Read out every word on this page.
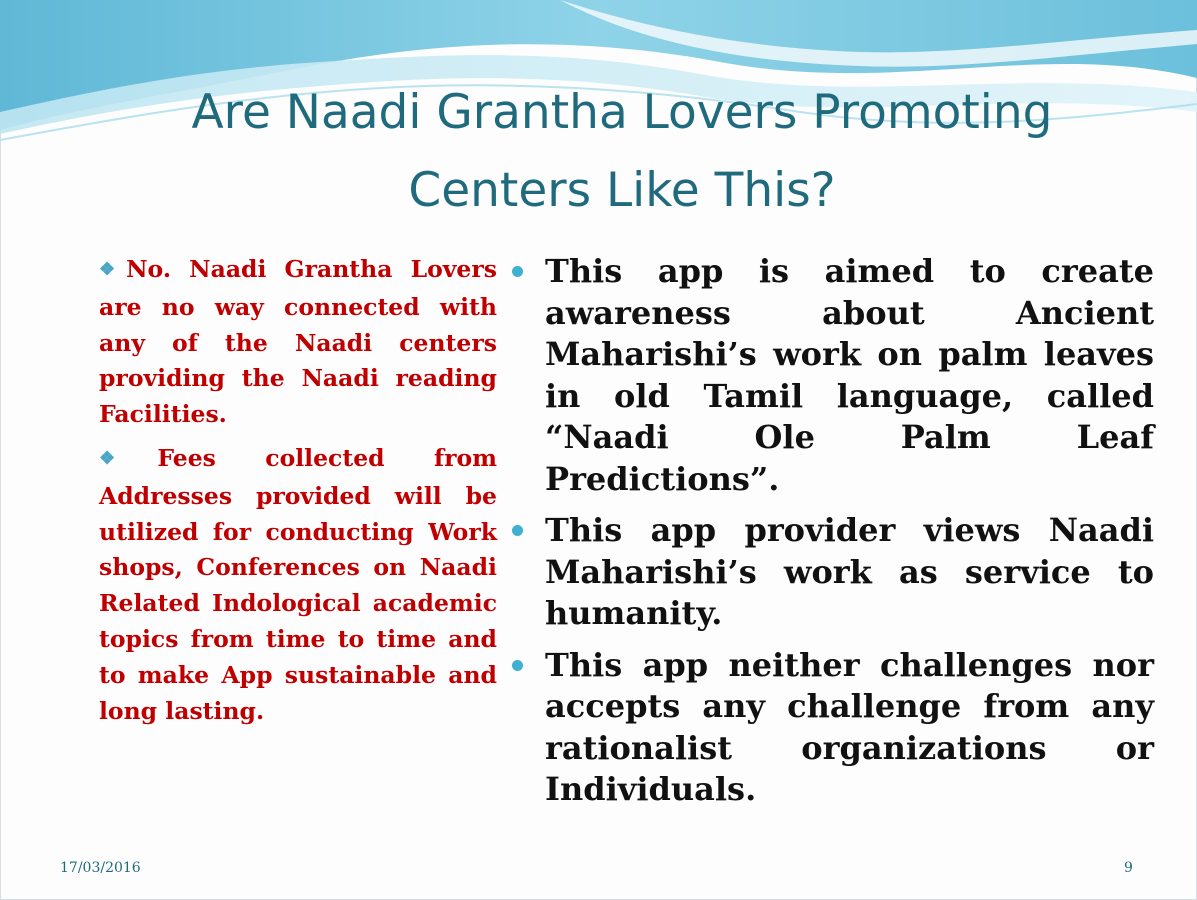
Are Naadi Grantha Lovers Promoting Centers Like This?

❖No. Naadi Grantha Lovers are no way connected with any of the Naadi centers providing the Naadi reading Facilities.

❖Fees collected from Addresses provided will be utilized for conducting Work shops, Conferences on Naadi Related Indological academic topics from time to time and to make App sustainable and long lasting.

This app is aimed to create awareness about Ancient Maharishi’s work on palm leaves in old Tamil language, called “Naadi Ole Palm Leaf Predictions”.

This app provider views Naadi Maharishi’s work as service to humanity.

This app neither challenges nor accepts any challenge from any rationalist organizations or Individuals.

17/03/2016	9
